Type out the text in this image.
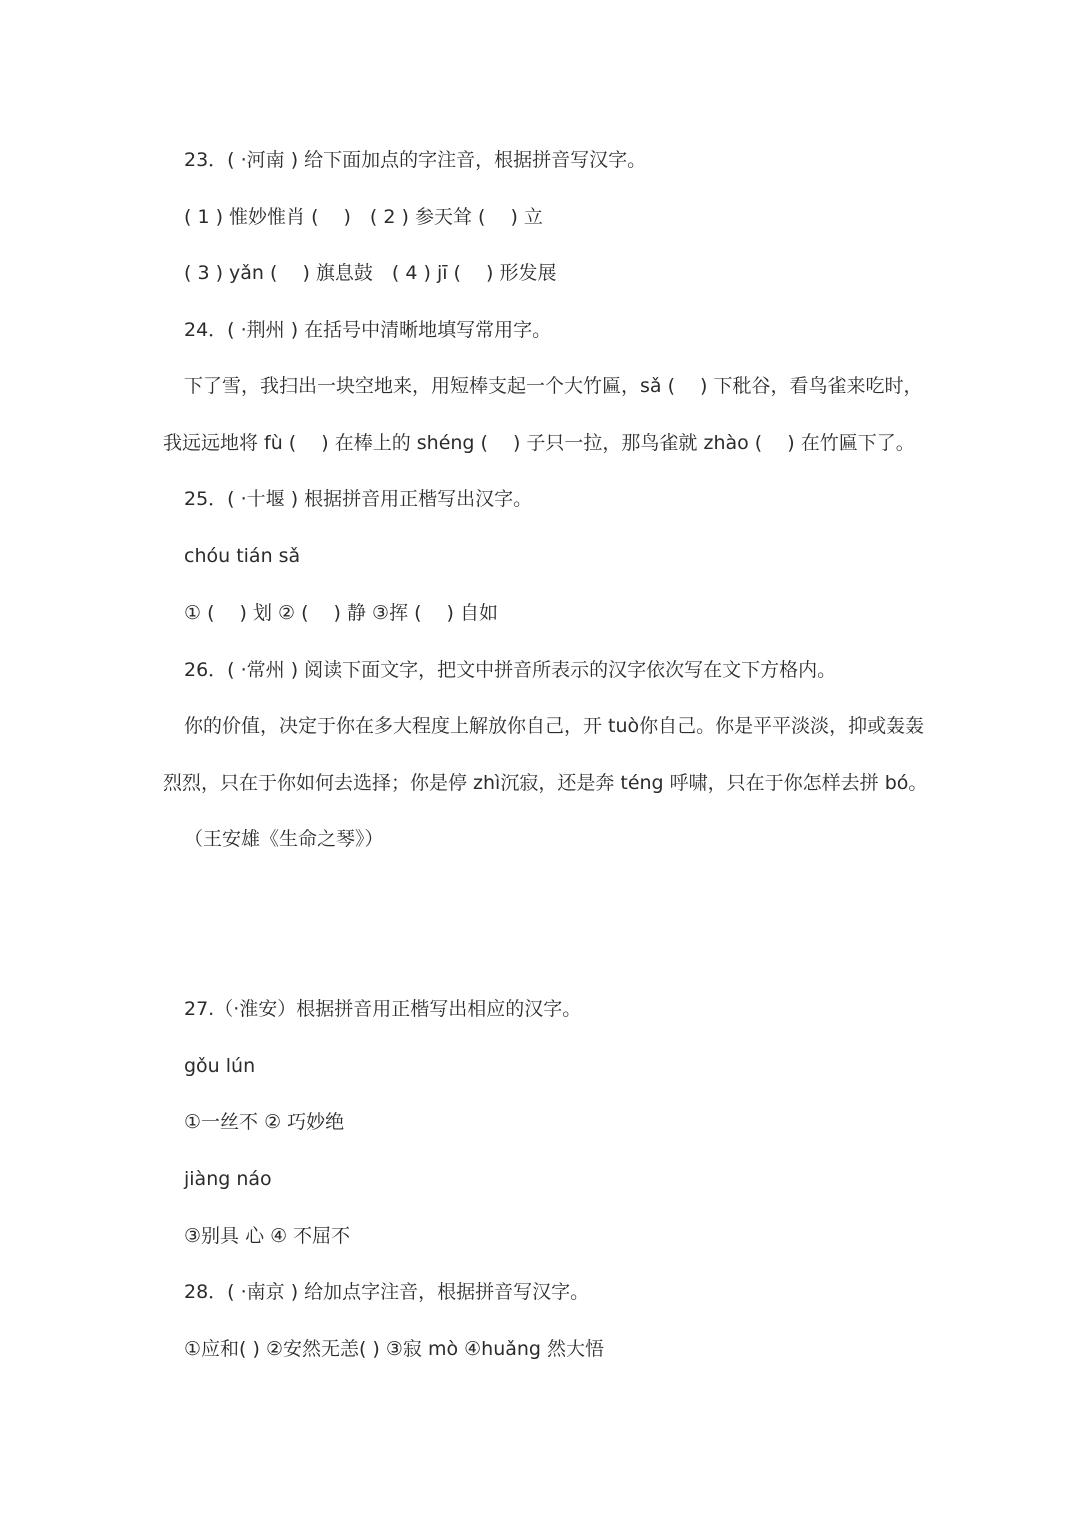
23．( ·河南 ) 给下面加点的字注音，根据拼音写汉字。
( 1 ) 惟妙惟肖 (　 )　( 2 ) 参天耸 (　 ) 立
( 3 ) yǎn (　 ) 旗息鼓　( 4 ) jī (　 ) 形发展
24．( ·荆州 ) 在括号中清晰地填写常用字。
下了雪，我扫出一块空地来，用短棒支起一个大竹匾，sǎ (　 ) 下秕谷，看鸟雀来吃时，
我远远地将 fù (　 ) 在棒上的 shéng (　 ) 子只一拉，那鸟雀就 zhào (　 ) 在竹匾下了。
25．( ·十堰 ) 根据拼音用正楷写出汉字。
chóu tián sǎ
① (　 ) 划 ② (　 ) 静 ③挥 (　 ) 自如
26．( ·常州 ) 阅读下面文字，把文中拼音所表示的汉字依次写在文下方格内。
你的价值，决定于你在多大程度上解放你自己，开 tuò你自己。你是平平淡淡，抑或轰轰
烈烈，只在于你如何去选择；你是停 zhì沉寂，还是奔 téng 呼啸，只在于你怎样去拼 bó。
（王安雄《生命之琴》）
27.（·淮安）根据拼音用正楷写出相应的汉字。
gǒu lún
①一丝不 ② 巧妙绝
jiàng náo
③别具 心 ④ 不屈不
28．( ·南京 ) 给加点字注音，根据拼音写汉字。
①应和( ) ②安然无恙( ) ③寂 mò ④huǎng 然大悟
